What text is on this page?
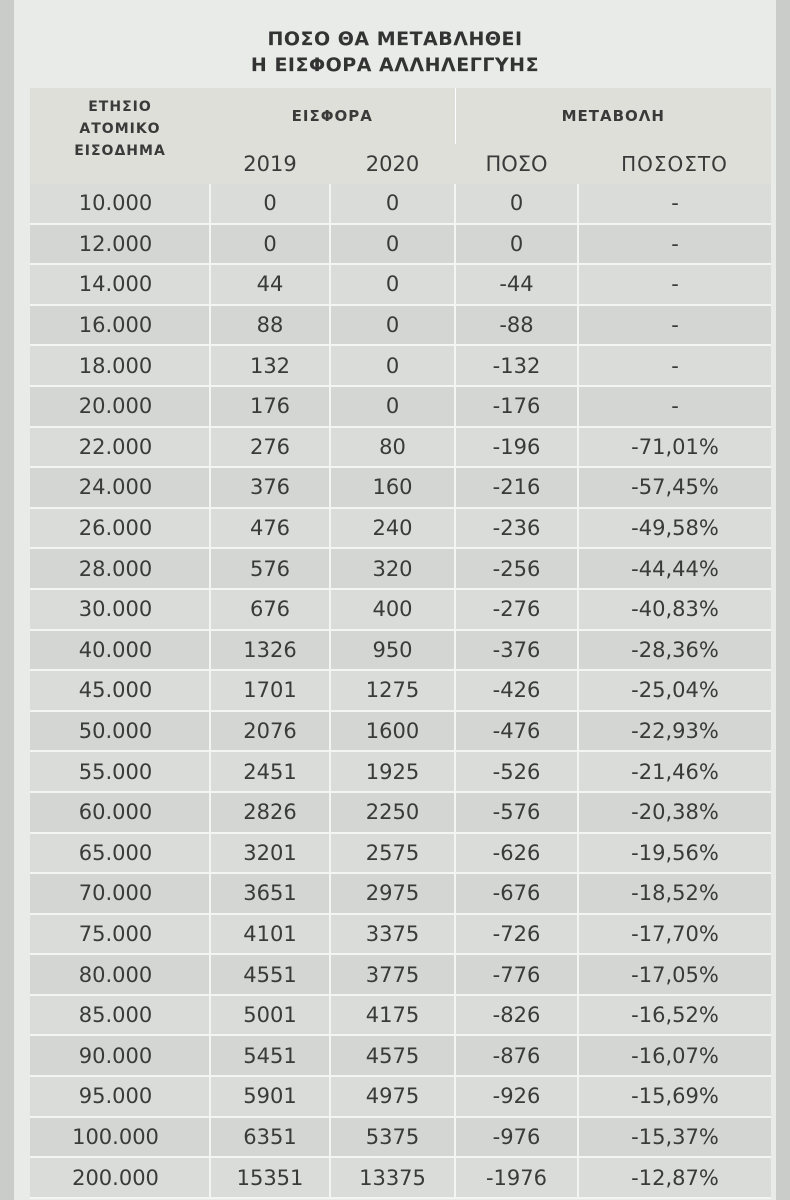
ΠΟΣΟ ΘΑ ΜΕΤΑΒΛΗΘΕΙ
Η ΕΙΣΦΟΡΑ ΑΛΛΗΛΕΓΓΥΗΣ
ΕΤΗΣΙΟ
ΑΤΟΜΙΚΟ
ΕΙΣΟΔΗΜΑ	ΕΙΣΦΟΡΑ		ΜΕΤΑΒΟΛΗ	
	2019	2020	ΠΟΣΟ	ΠΟΣΟΣΤΟ
10.000	0	0	0	-
12.000	0	0	0	-
14.000	44	0	-44	-
16.000	88	0	-88	-
18.000	132	0	-132	-
20.000	176	0	-176	-
22.000	276	80	-196	-71,01%
24.000	376	160	-216	-57,45%
26.000	476	240	-236	-49,58%
28.000	576	320	-256	-44,44%
30.000	676	400	-276	-40,83%
40.000	1326	950	-376	-28,36%
45.000	1701	1275	-426	-25,04%
50.000	2076	1600	-476	-22,93%
55.000	2451	1925	-526	-21,46%
60.000	2826	2250	-576	-20,38%
65.000	3201	2575	-626	-19,56%
70.000	3651	2975	-676	-18,52%
75.000	4101	3375	-726	-17,70%
80.000	4551	3775	-776	-17,05%
85.000	5001	4175	-826	-16,52%
90.000	5451	4575	-876	-16,07%
95.000	5901	4975	-926	-15,69%
100.000	6351	5375	-976	-15,37%
200.000	15351	13375	-1976	-12,87%
